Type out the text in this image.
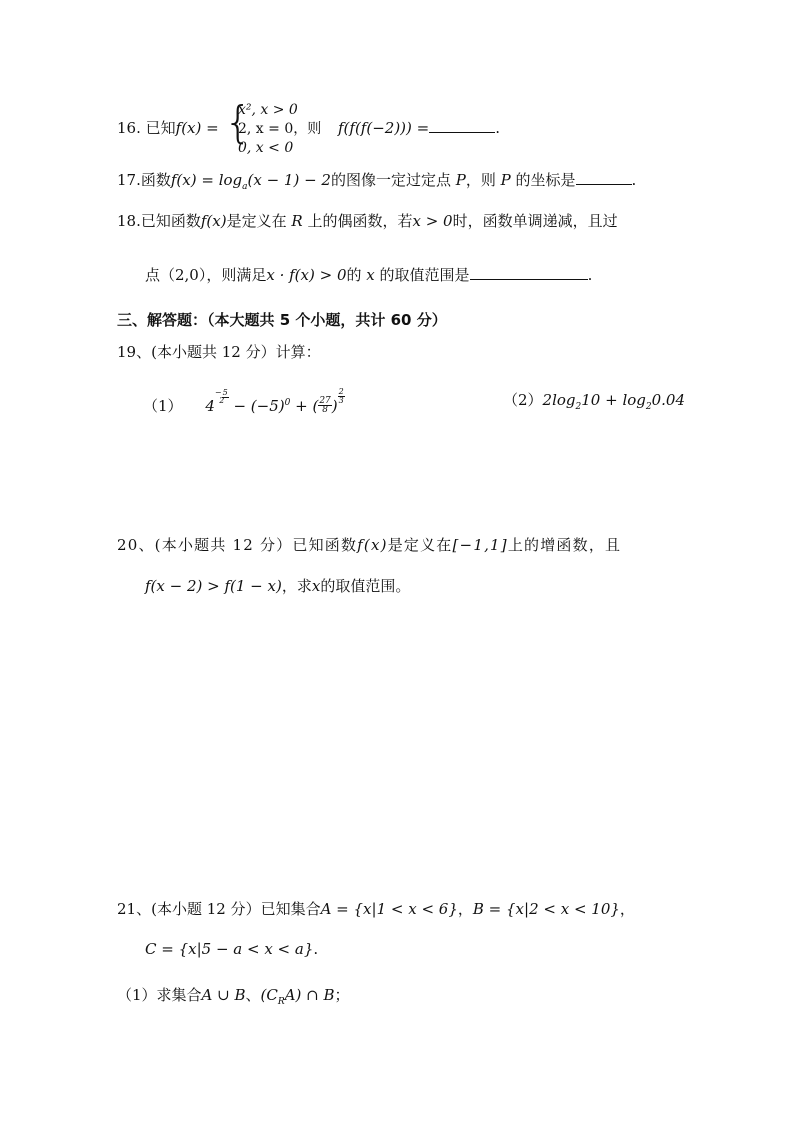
16. 已知f(x) = {
x², x > 0
2, x = 0，则
0, x < 0
f(f(f(−2))) =	.
17.函数$f(x) = \log_a(x - 1) - 2$的图像一定过定点 P，则 P 的坐标是	.
18.已知函数f(x)是定义在 R 上的偶函数，若x > 0时，函数单调递减，且过
点（2,0），则满足x · f(x) > 0的 x 的取值范围是	.
三、解答题：（本大题共 5 个小题，共计 60 分）
19、(本小题共 12 分）计算：
（1） 4
−5
$2 - (-5)^0$ + ( $\frac{27}{8}$ )
$\frac{2}{3}$	$(2)2\log_210 + \log_20.04$
20、(本小题共 12 分）已知函数f(x)是定义在[−1,1]上的增函数，且
f(x − 2) > f(1 − x)，求x的取值范围。
21、(本小题 12 分）已知集合A = {x|1 < x < 6}，B = {x|2 < x < 10}，
C = {x|5 − a < x < a}.
（1）求集合A ∪ B、$(C_RA)$ ∩ B；
